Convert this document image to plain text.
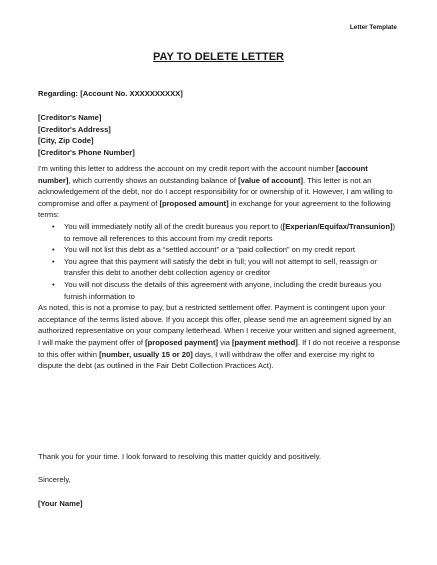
Letter Template
PAY TO DELETE LETTER
Regarding: [Account No. XXXXXXXXXX]
[Creditor's Name]
[Creditor's Address]
[City, Zip Code]
[Creditor's Phone Number]

I'm writing this letter to address the account on my credit report with the account number [account number], which currently shows an outstanding balance of [value of account]. This letter is not an acknowledgement of the debt, nor do I accept responsibility for or ownership of it. However, I am willing to compromise and offer a payment of [proposed amount] in exchange for your agreement to the following terms:

• You will immediately notify all of the credit bureaus you report to ([Experian/Equifax/Transunion]) to remove all references to this account from my credit reports
• You will not list this debt as a “settled account” or a “paid collection” on my credit report
• You agree that this payment will satisfy the debt in full; you will not attempt to sell, reassign or transfer this debt to another debt collection agency or creditor
• You will not discuss the details of this agreement with anyone, including the credit bureaus you furnish information to

As noted, this is not a promise to pay, but a restricted settlement offer. Payment is contingent upon your acceptance of the terms listed above. If you accept this offer, please send me an agreement signed by an authorized representative on your company letterhead. When I receive your written and signed agreement, I will make the payment offer of [proposed payment] via [payment method]. If I do not receive a response to this offer within [number, usually 15 or 20] days, I will withdraw the offer and exercise my right to dispute the debt (as outlined in the Fair Debt Collection Practices Act).

Thank you for your time. I look forward to resolving this matter quickly and positively.
Sincerely,
[Your Name]
